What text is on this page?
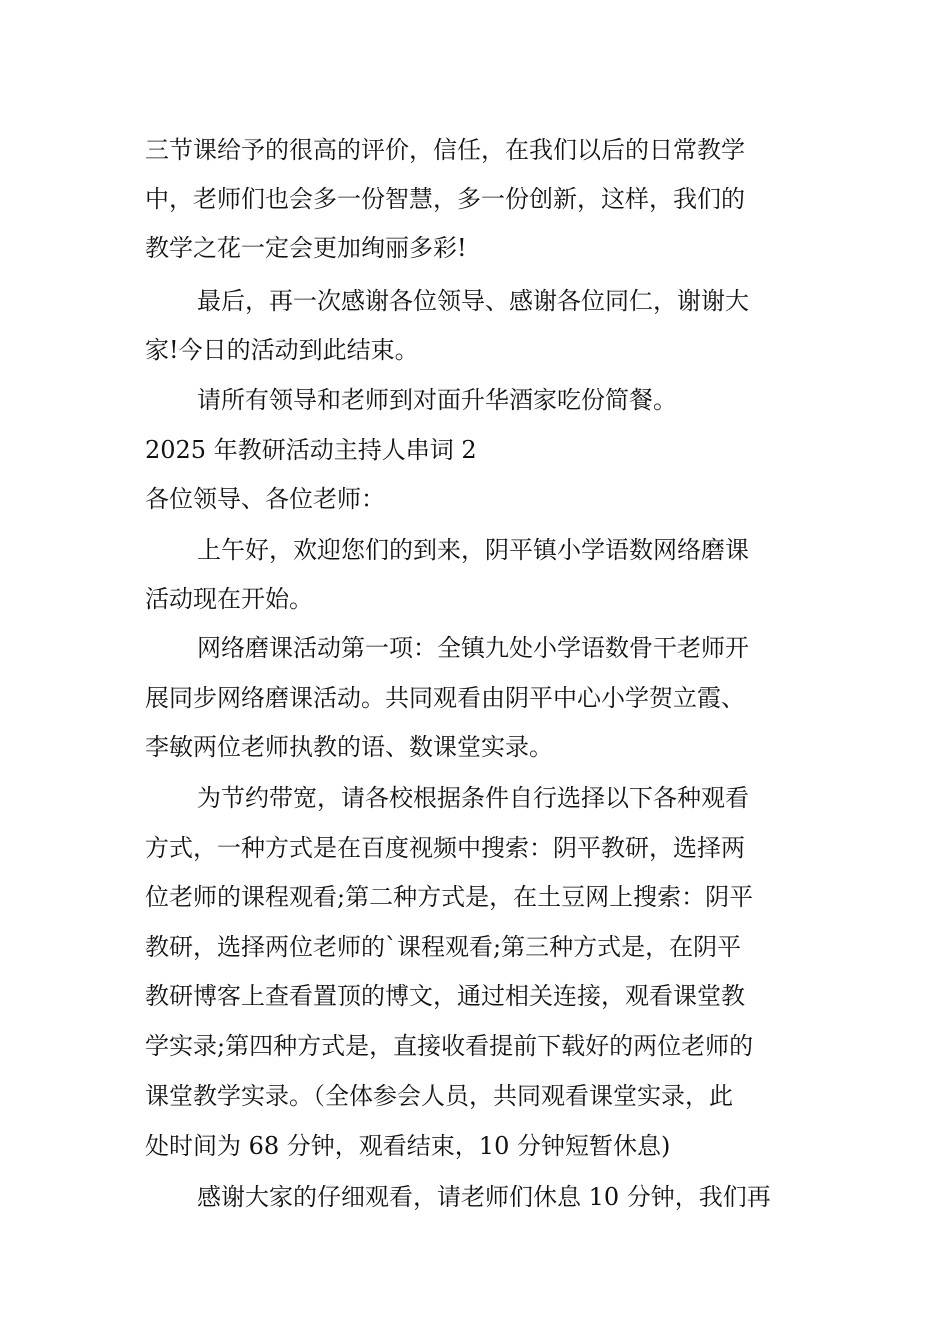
三节课给予的很高的评价，信任，在我们以后的日常教学
中，老师们也会多一份智慧，多一份创新，这样，我们的
教学之花一定会更加绚丽多彩!
最后，再一次感谢各位领导、感谢各位同仁，谢谢大
家!今日的活动到此结束。
请所有领导和老师到对面升华酒家吃份简餐。
2025 年教研活动主持人串词 2
各位领导、各位老师：
上午好，欢迎您们的到来，阴平镇小学语数网络磨课
活动现在开始。
网络磨课活动第一项：全镇九处小学语数骨干老师开
展同步网络磨课活动。共同观看由阴平中心小学贺立霞、
李敏两位老师执教的语、数课堂实录。
为节约带宽，请各校根据条件自行选择以下各种观看
方式，一种方式是在百度视频中搜索：阴平教研，选择两
位老师的课程观看;第二种方式是，在土豆网上搜索：阴平
教研，选择两位老师的`课程观看;第三种方式是，在阴平
教研博客上查看置顶的博文，通过相关连接，观看课堂教
学实录;第四种方式是，直接收看提前下载好的两位老师的
课堂教学实录。（全体参会人员，共同观看课堂实录，此
处时间为 68 分钟，观看结束，10 分钟短暂休息)
感谢大家的仔细观看，请老师们休息 10 分钟，我们再
